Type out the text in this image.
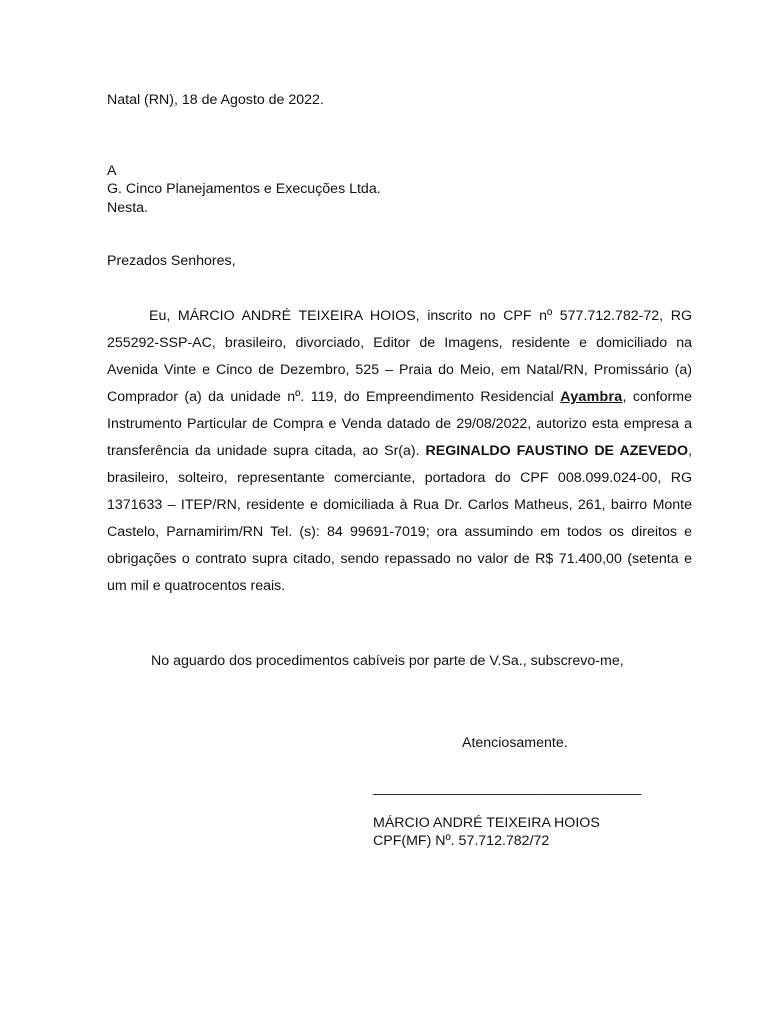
Natal (RN), 18 de Agosto de 2022.

A

G. Cinco Planejamentos e Execuções Ltda.

Nesta.

Prezados Senhores,

Eu, MÁRCIO ANDRÉ TEIXEIRA HOIOS, inscrito no CPF nº 577.712.782-72, RG 255292-SSP-AC, brasileiro, divorciado, Editor de Imagens, residente e domiciliado na Avenida Vinte e Cinco de Dezembro, 525 – Praia do Meio, em Natal/RN, Promissário (a) Comprador (a) da unidade nº. 119, do Empreendimento Residencial Ayambra, conforme Instrumento Particular de Compra e Venda datado de 29/08/2022, autorizo esta empresa a transferência da unidade supra citada, ao Sr(a). REGINALDO FAUSTINO DE AZEVEDO, brasileiro, solteiro, representante comerciante, portadora do CPF 008.099.024-00, RG 1371633 – ITEP/RN, residente e domiciliada à Rua Dr. Carlos Matheus, 261, bairro Monte Castelo, Parnamirim/RN Tel. (s): 84 99691-7019; ora assumindo em todos os direitos e obrigações o contrato supra citado, sendo repassado no valor de R$ 71.400,00 (setenta e um mil e quatrocentos reais.

No aguardo dos procedimentos cabíveis por parte de V.Sa., subscrevo-me,

Atenciosamente.

__________________________________

MÁRCIO ANDRÉ TEIXEIRA HOIOS

CPF(MF) Nº. 57.712.782/72
